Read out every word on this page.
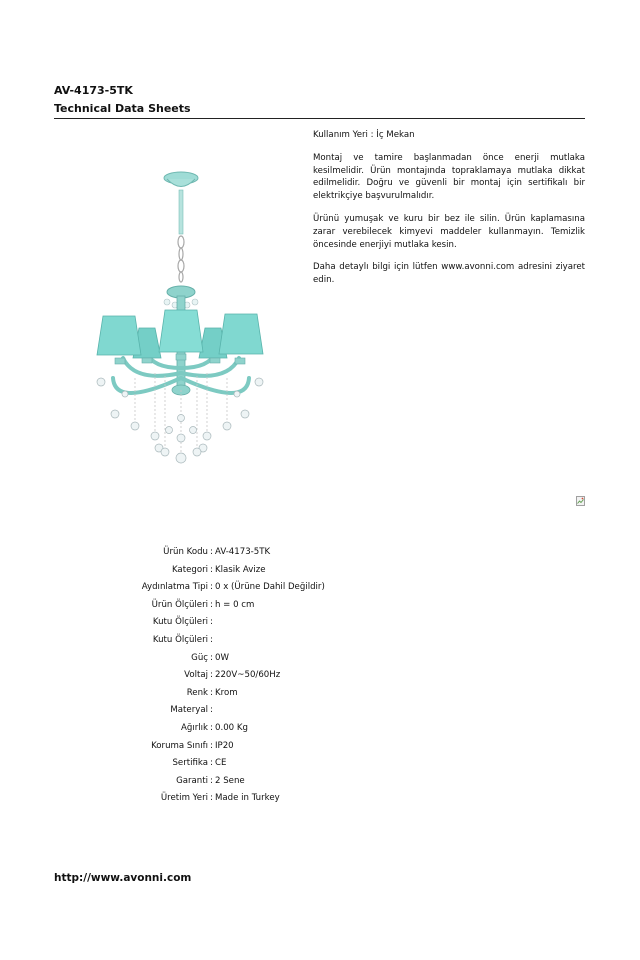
AV-4173-5TK
Technical Data Sheets

Kullanım Yeri : İç Mekan

Montaj ve tamire başlanmadan önce enerji mutlaka kesilmelidir. Ürün montajında topraklamaya mutlaka dikkat edilmelidir. Doğru ve güvenli bir montaj için sertifikalı bir elektrikçiye başvurulmalıdır.

Ürünü yumuşak ve kuru bir bez ile silin. Ürün kaplamasına zarar verebilecek kimyevi maddeler kullanmayın. Temizlik öncesinde enerjiyi mutlaka kesin.

Daha detaylı bilgi için lütfen www.avonni.com adresini ziyaret edin.

Ürün Kodu : AV-4173-5TK
Kategori : Klasik Avize
Aydınlatma Tipi : 0 x (Ürüne Dahil Değildir)
Ürün Ölçüleri : h = 0 cm
Kutu Ölçüleri :
Kutu Ölçüleri :
Güç : 0W
Voltaj : 220V~50/60Hz
Renk : Krom
Materyal :
Ağırlık : 0.00 Kg
Koruma Sınıfı : IP20
Sertifika : CE
Garanti : 2 Sene
Üretim Yeri : Made in Turkey
http://www.avonni.com
